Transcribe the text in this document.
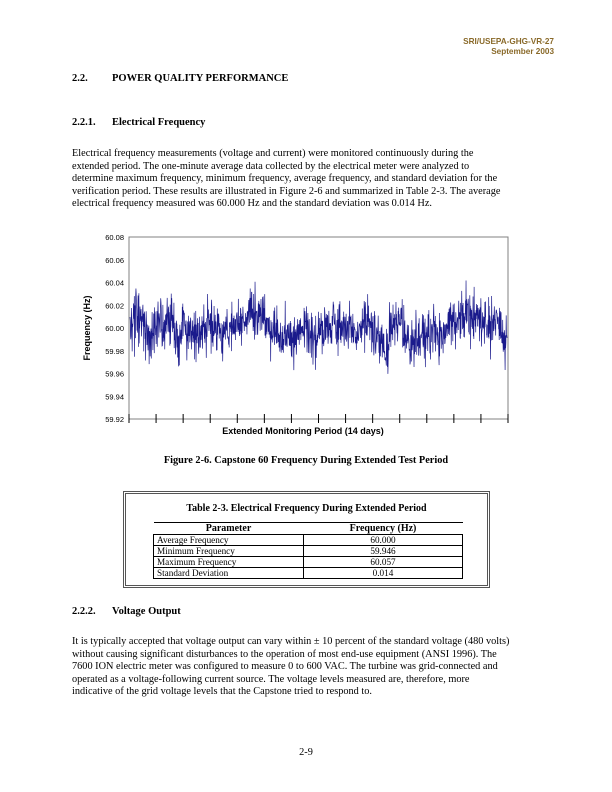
SRI/USEPA-GHG-VR-27
September 2003
2.2. POWER QUALITY PERFORMANCE
2.2.1. Electrical Frequency
Electrical frequency measurements (voltage and current) were monitored continuously during the
extended period. The one-minute average data collected by the electrical meter were analyzed to
determine maximum frequency, minimum frequency, average frequency, and standard deviation for the
verification period. These results are illustrated in Figure 2-6 and summarized in Table 2-3. The average
electrical frequency measured was 60.000 Hz and the standard deviation was 0.014 Hz.
60.08
60.06
60.04
60.02
60.00
59.98
59.96
59.94
59.92
Frequency (Hz)
Extended Monitoring Period (14 days)
Figure 2-6. Capstone 60 Frequency During Extended Test Period
Table 2-3. Electrical Frequency During Extended Period
Parameter	Frequency (Hz)
Average Frequency	60.000
Minimum Frequency	59.946
Maximum Frequency	60.057
Standard Deviation	0.014
2.2.2. Voltage Output
It is typically accepted that voltage output can vary within ± 10 percent of the standard voltage (480 volts)
without causing significant disturbances to the operation of most end-use equipment (ANSI 1996). The
7600 ION electric meter was configured to measure 0 to 600 VAC. The turbine was grid-connected and
operated as a voltage-following current source. The voltage levels measured are, therefore, more
indicative of the grid voltage levels that the Capstone tried to respond to.
2-9
